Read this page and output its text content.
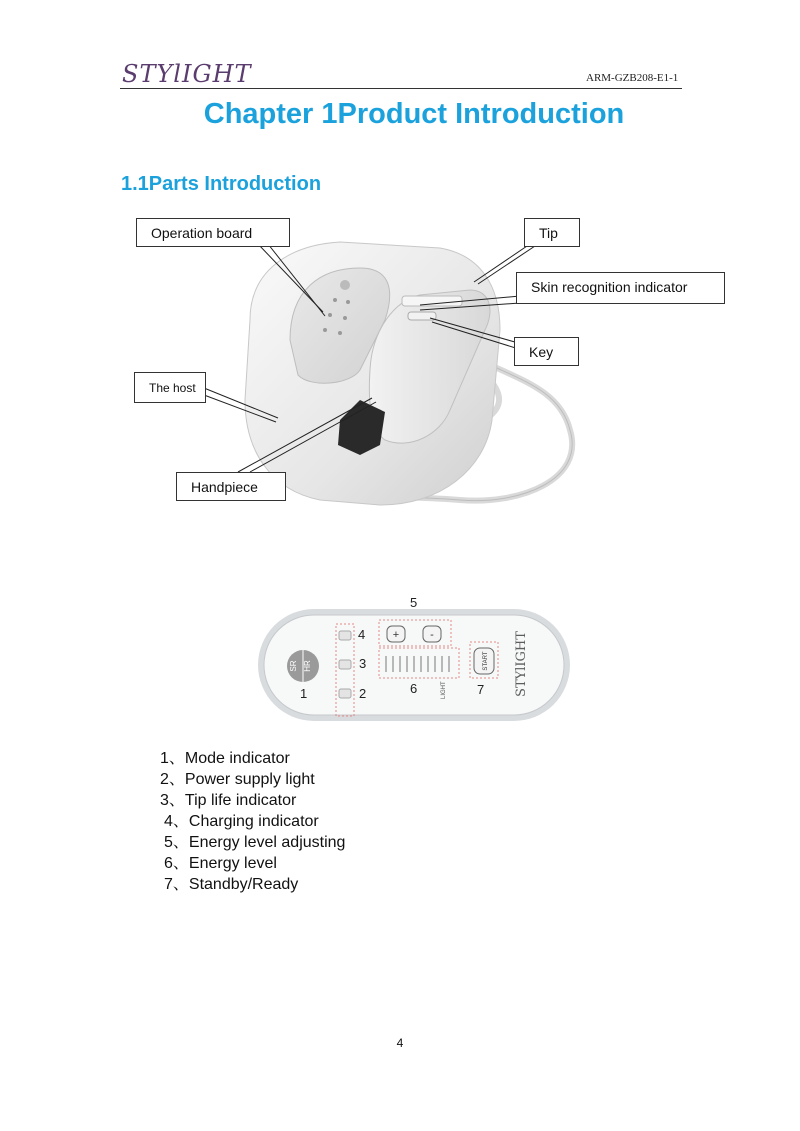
STYlIGHT	ARM-GZB208-E1-1
Chapter 1Product Introduction
1.1Parts Introduction
Operation board	Tip
Skin recognition indicator
Key
The host
Handpiece
SR HR
+	-
LIGHT
START STYlIGHT
5
4
3
6	7
1	2
1、Mode indicator
2、Power supply light
3、Tip life indicator
4、Charging indicator
5、Energy level adjusting
6、Energy level
7、Standby/Ready
4
